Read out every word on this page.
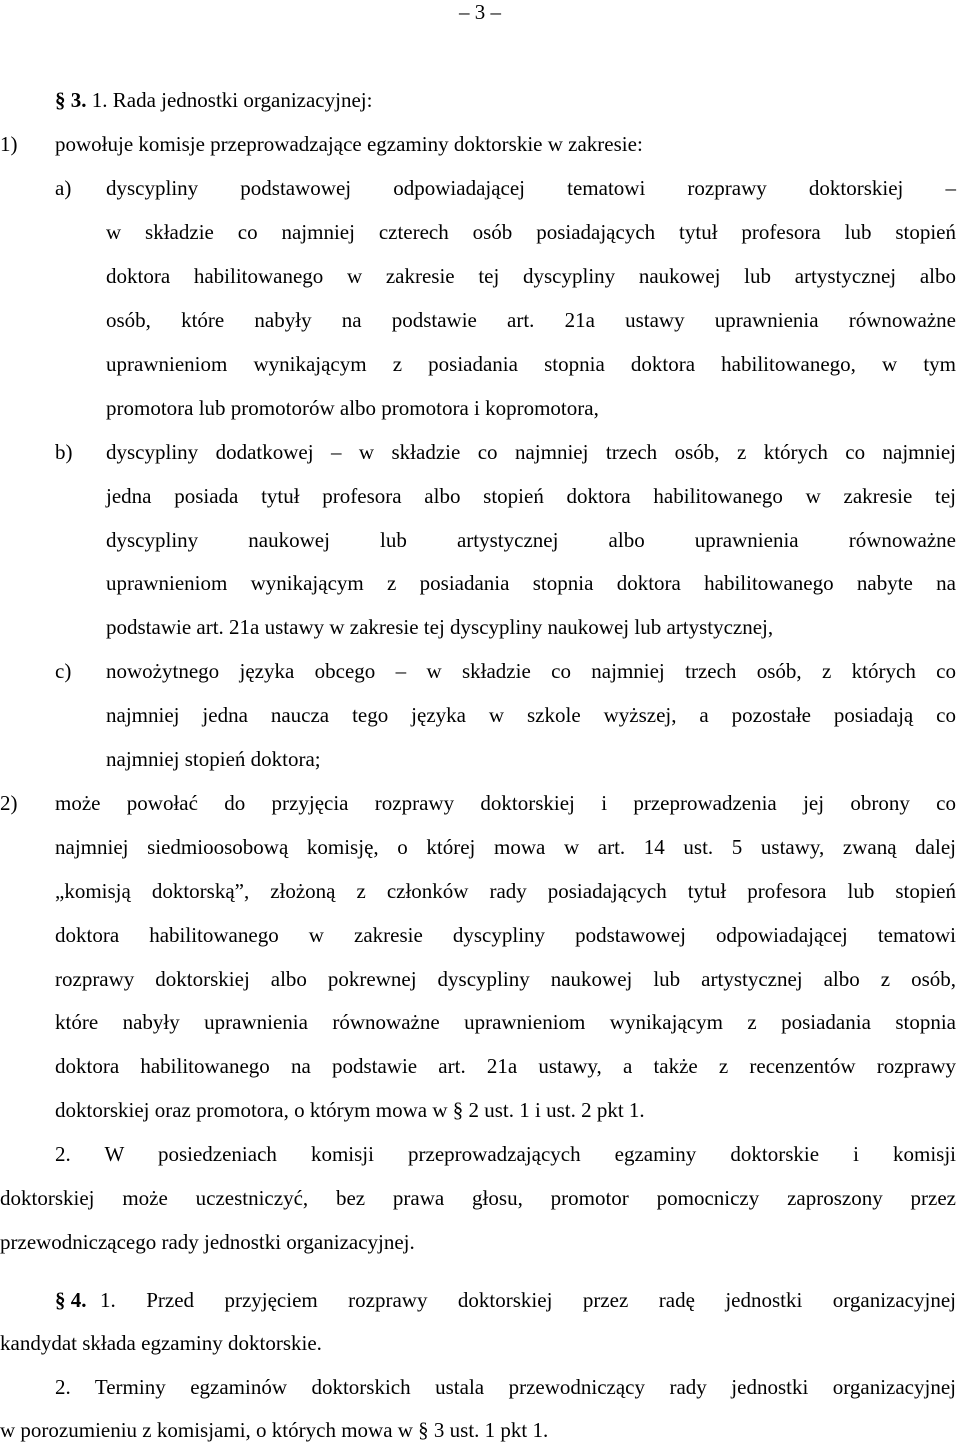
– 3 –
§ 3. 1. Rada jednostki organizacyjnej:
1) powołuje komisje przeprowadzające egzaminy doktorskie w zakresie:
a) dyscypliny podstawowej odpowiadającej tematowi rozprawy doktorskiej –
w składzie co najmniej czterech osób posiadających tytuł profesora lub stopień
doktora habilitowanego w zakresie tej dyscypliny naukowej lub artystycznej albo
osób, które nabyły na podstawie art. 21a ustawy uprawnienia równoważne
uprawnieniom wynikającym z posiadania stopnia doktora habilitowanego, w tym
promotora lub promotorów albo promotora i kopromotora,
b) dyscypliny dodatkowej – w składzie co najmniej trzech osób, z których co najmniej
jedna posiada tytuł profesora albo stopień doktora habilitowanego w zakresie tej
dyscypliny naukowej lub artystycznej albo uprawnienia równoważne
uprawnieniom wynikającym z posiadania stopnia doktora habilitowanego nabyte na
podstawie art. 21a ustawy w zakresie tej dyscypliny naukowej lub artystycznej,
c) nowożytnego języka obcego – w składzie co najmniej trzech osób, z których co
najmniej jedna naucza tego języka w szkole wyższej, a pozostałe posiadają co
najmniej stopień doktora;
2) może powołać do przyjęcia rozprawy doktorskiej i przeprowadzenia jej obrony co
najmniej siedmioosobową komisję, o której mowa w art. 14 ust. 5 ustawy, zwaną dalej
„komisją doktorską”, złożoną z członków rady posiadających tytuł profesora lub stopień
doktora habilitowanego w zakresie dyscypliny podstawowej odpowiadającej tematowi
rozprawy doktorskiej albo pokrewnej dyscypliny naukowej lub artystycznej albo z osób,
które nabyły uprawnienia równoważne uprawnieniom wynikającym z posiadania stopnia
doktora habilitowanego na podstawie art. 21a ustawy, a także z recenzentów rozprawy
doktorskiej oraz promotora, o którym mowa w § 2 ust. 1 i ust. 2 pkt 1.
2. W posiedzeniach komisji przeprowadzających egzaminy doktorskie i komisji
doktorskiej może uczestniczyć, bez prawa głosu, promotor pomocniczy zaproszony przez
przewodniczącego rady jednostki organizacyjnej.
§ 4. 1. Przed przyjęciem rozprawy doktorskiej przez radę jednostki organizacyjnej
kandydat składa egzaminy doktorskie.
2. Terminy egzaminów doktorskich ustala przewodniczący rady jednostki organizacyjnej
w porozumieniu z komisjami, o których mowa w § 3 ust. 1 pkt 1.
